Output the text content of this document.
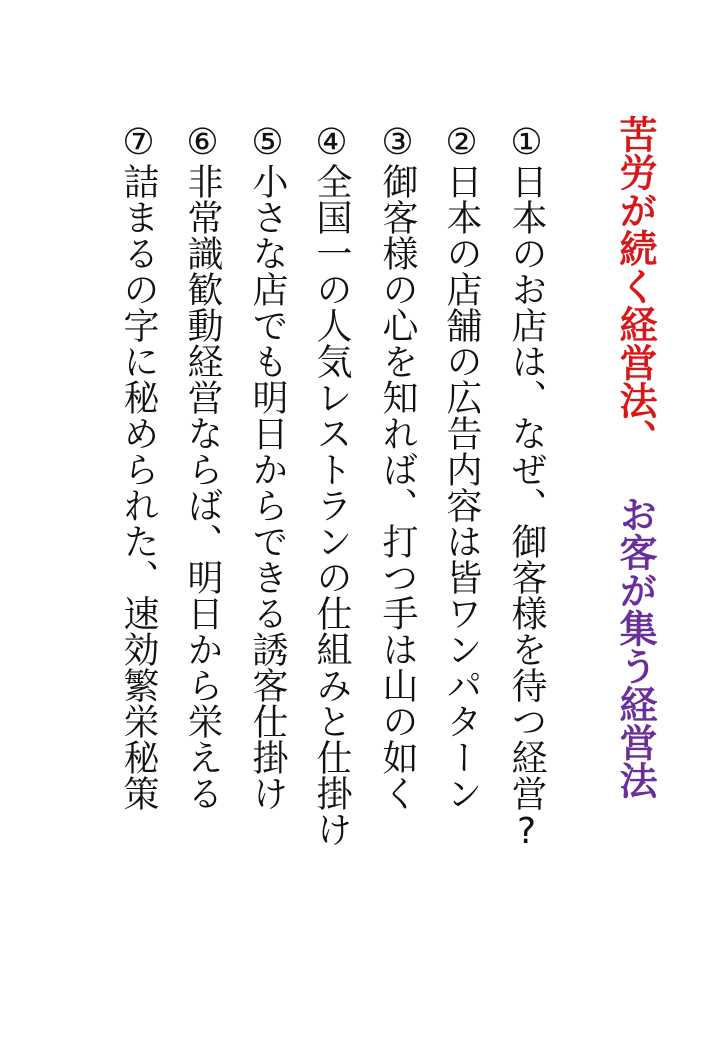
苦労が続く経営法、お客が集う経営法
①日本のお店は、なぜ、御客様を待つ経営?
②日本の店舗の広告内容は皆ワンパターン
③御客様の心を知れば、打つ手は山の如く
④全国一の人気レストランの仕組みと仕掛け
⑤小さな店でも明日からできる誘客仕掛け
⑥非常識歓動経営ならば、明日から栄える
⑦詰まるの字に秘められた、速効繁栄秘策
